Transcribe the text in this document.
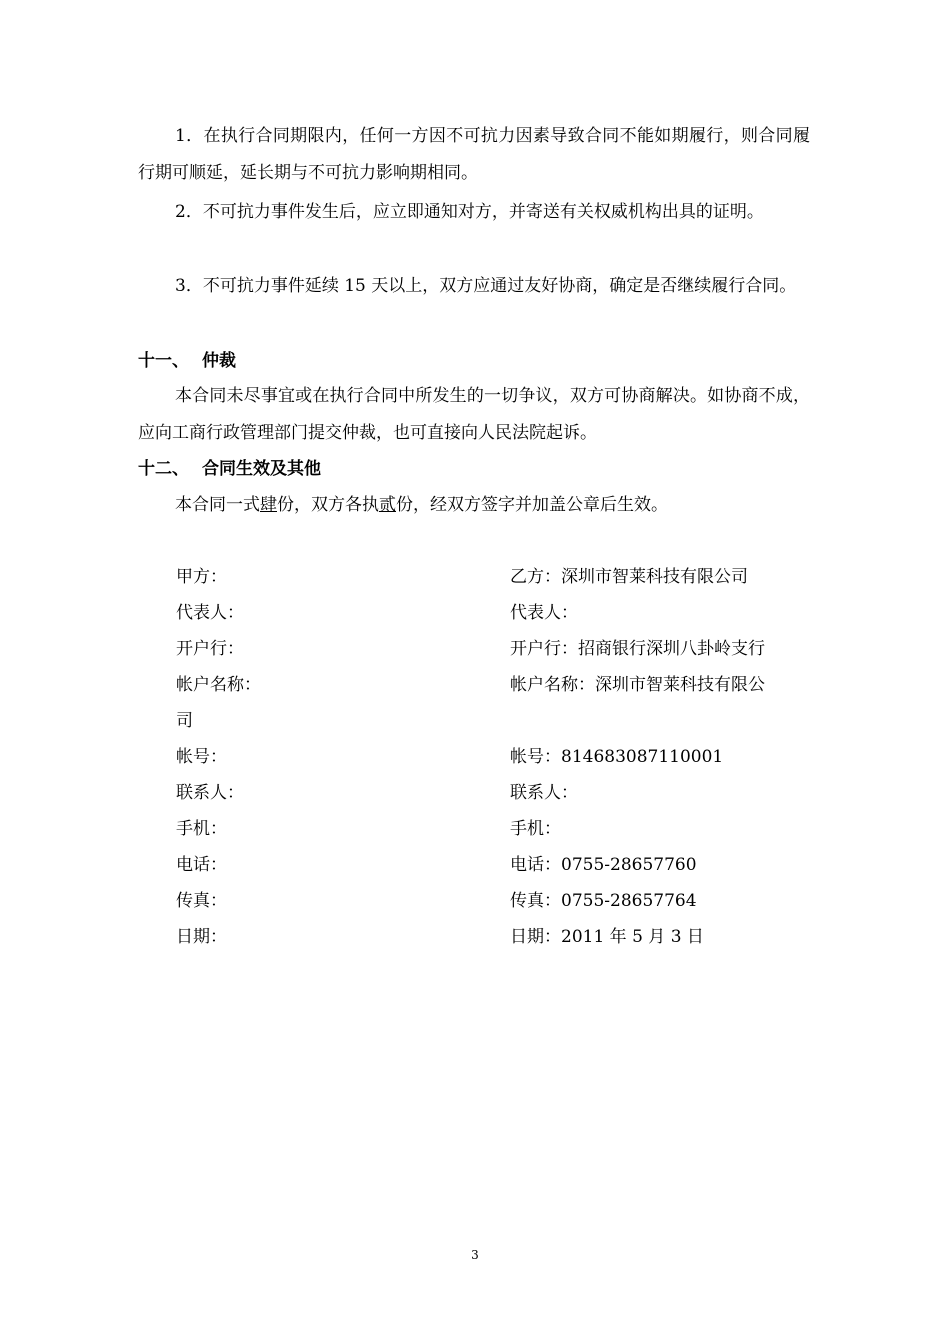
1．在执行合同期限内，任何一方因不可抗力因素导致合同不能如期履行，则合同履行期可顺延，延长期与不可抗力影响期相同。

2．不可抗力事件发生后，应立即通知对方，并寄送有关权威机构出具的证明。

3．不可抗力事件延续 15 天以上，双方应通过友好协商，确定是否继续履行合同。

十一、 仲裁

本合同未尽事宜或在执行合同中所发生的一切争议，双方可协商解决。如协商不成，应向工商行政管理部门提交仲裁，也可直接向人民法院起诉。

十二、 合同生效及其他

本合同一式肆份，双方各执贰份，经双方签字并加盖公章后生效。

甲方：
代表人：
开户行：
帐户名称：
司
帐号：
联系人：
手机：
电话：
传真：
日期：
乙方：深圳市智莱科技有限公司
代表人：
开户行：招商银行深圳八卦岭支行
帐户名称：深圳市智莱科技有限公
帐号：814683087110001
联系人：
手机：
电话：0755-28657760
传真：0755-28657764
日期：2011 年 5 月 3 日
3
